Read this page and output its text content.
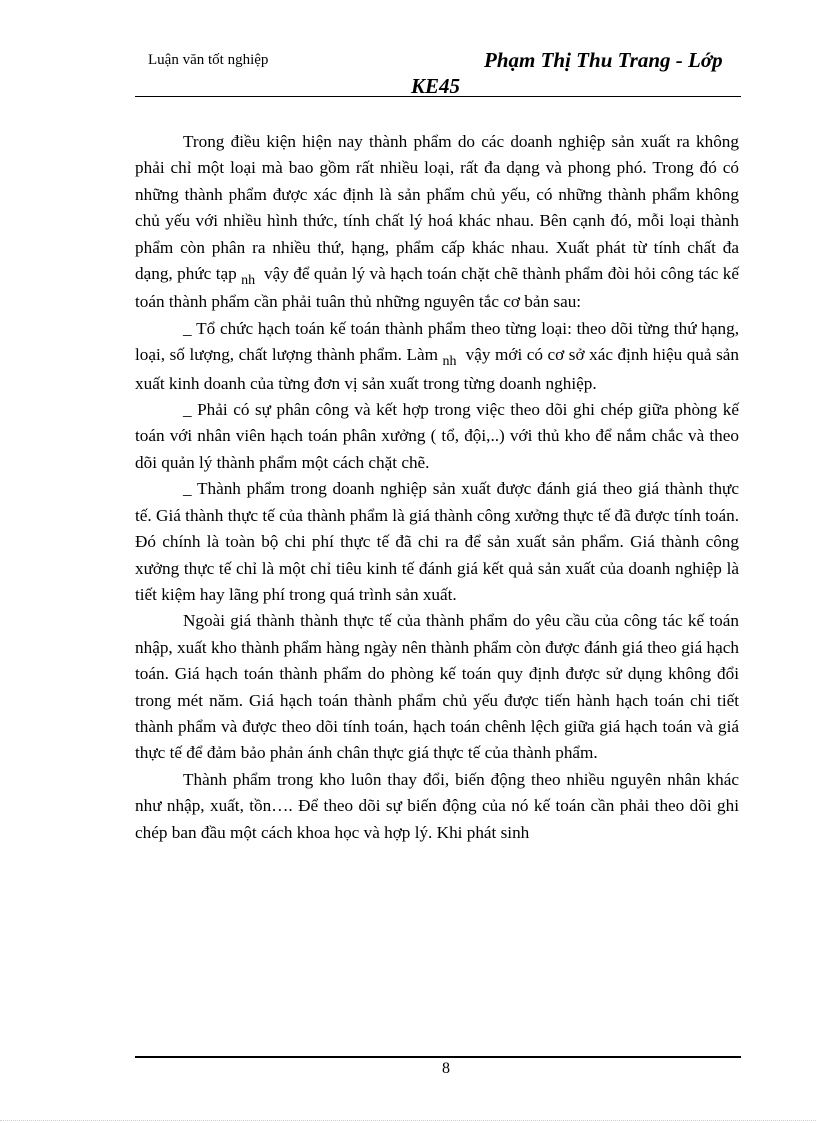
Luận văn tốt nghiệp	Phạm Thị Thu Trang - Lớp
KE45

Trong điều kiện hiện nay thành phẩm do các doanh nghiệp sản xuất ra không phải chỉ một loại mà bao gồm rất nhiều loại, rất đa dạng và phong phó. Trong đó có những thành phẩm được xác định là sản phẩm chủ yếu, có những thành phẩm không chủ yếu với nhiều hình thức, tính chất lý hoá khác nhau. Bên cạnh đó, mỗi loại thành phẩm còn phân ra nhiều thứ, hạng, phẩm cấp khác nhau. Xuất phát từ tính chất đa dạng, phức tạp $_{nh}$ vậy để quản lý và hạch toán chặt chẽ thành phẩm đòi hỏi công tác kế toán thành phẩm cần phải tuân thủ những nguyên tắc cơ bản sau:

_ Tổ chức hạch toán kế toán thành phẩm theo từng loại: theo dõi từng thứ hạng, loại, số lượng, chất lượng thành phẩm. Làm $_{nh}$ vậy mới có cơ sở xác định hiệu quả sản xuất kinh doanh của từng đơn vị sản xuất trong từng doanh nghiệp.

_ Phải có sự phân công và kết hợp trong việc theo dõi ghi chép giữa phòng kế toán với nhân viên hạch toán phân xưởng ( tổ, đội,..) với thủ kho để nắm chắc và theo dõi quản lý thành phẩm một cách chặt chẽ.

_ Thành phẩm trong doanh nghiệp sản xuất được đánh giá theo giá thành thực tế. Giá thành thực tế của thành phẩm là giá thành công xưởng thực tế đã được tính toán. Đó chính là toàn bộ chi phí thực tế đã chi ra để sản xuất sản phẩm. Giá thành công xưởng thực tế chỉ là một chỉ tiêu kinh tế đánh giá kết quả sản xuất của doanh nghiệp là tiết kiệm hay lãng phí trong quá trình sản xuất.

Ngoài giá thành thành thực tế của thành phẩm do yêu cầu của công tác kế toán nhập, xuất kho thành phẩm hàng ngày nên thành phẩm còn được đánh giá theo giá hạch toán. Giá hạch toán thành phẩm do phòng kế toán quy định được sử dụng không đổi trong mét năm. Giá hạch toán thành phẩm chủ yếu được tiến hành hạch toán chi tiết thành phẩm và được theo dõi tính toán, hạch toán chênh lệch giữa giá hạch toán và giá thực tế để đảm bảo phản ánh chân thực giá thực tế của thành phẩm.

Thành phẩm trong kho luôn thay đổi, biến động theo nhiều nguyên nhân khác như nhập, xuất, tồn…. Để theo dõi sự biến động của nó kế toán cần phải theo dõi ghi chép ban đầu một cách khoa học và hợp lý. Khi phát sinh

8
